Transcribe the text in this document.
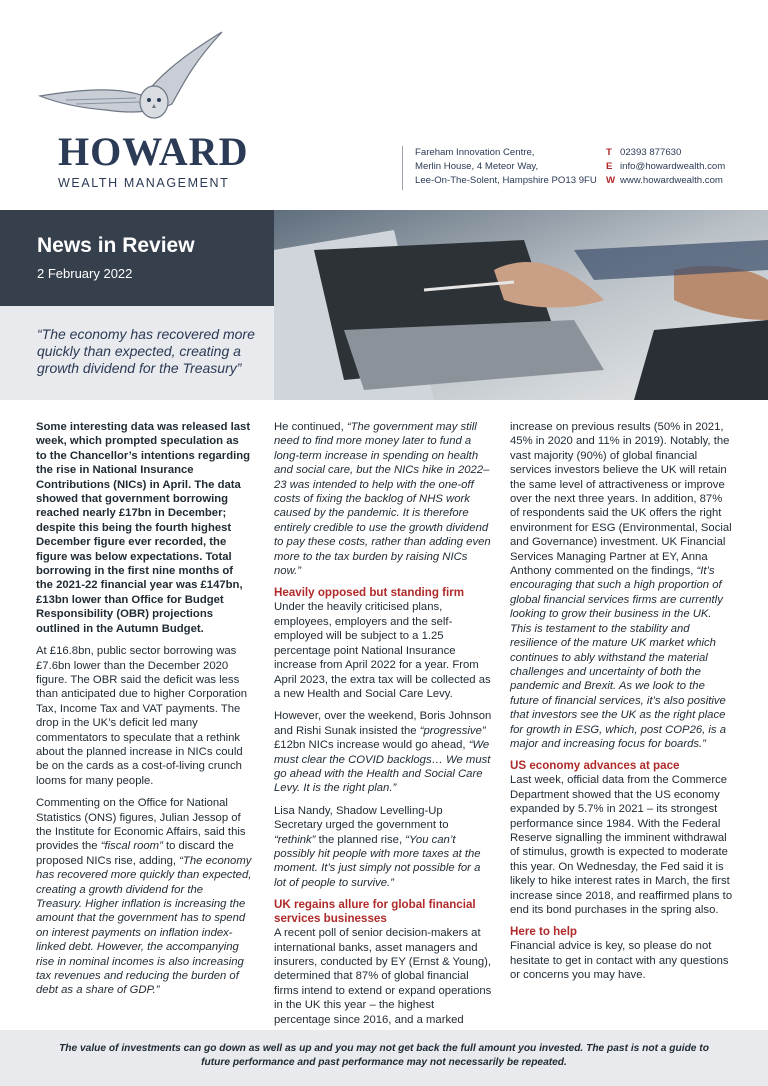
HOWARD
WEALTH MANAGEMENT
Fareham Innovation Centre,
Merlin House, 4 Meteor Way,
Lee-On-The-Solent, Hampshire PO13 9FU
T 02393 877630
E info@howardwealth.com
W www.howardwealth.com
News in Review
2 February 2022

“The economy has recovered more quickly than expected, creating a growth dividend for the Treasury”

Some interesting data was released last week, which prompted speculation as to the Chancellor’s intentions regarding the rise in National Insurance Contributions (NICs) in April. The data showed that government borrowing reached nearly £17bn in December; despite this being the fourth highest December figure ever recorded, the figure was below expectations. Total borrowing in the first nine months of the 2021-22 financial year was £147bn, £13bn lower than Office for Budget Responsibility (OBR) projections outlined in the Autumn Budget.

At £16.8bn, public sector borrowing was £7.6bn lower than the December 2020 figure. The OBR said the deficit was less than anticipated due to higher Corporation Tax, Income Tax and VAT payments. The drop in the UK’s deficit led many commentators to speculate that a rethink about the planned increase in NICs could be on the cards as a cost-of-living crunch looms for many people.

Commenting on the Office for National Statistics (ONS) figures, Julian Jessop of the Institute for Economic Affairs, said this provides the “fiscal room” to discard the proposed NICs rise, adding, “The economy has recovered more quickly than expected, creating a growth dividend for the Treasury. Higher inflation is increasing the amount that the government has to spend on interest payments on inflation index-linked debt. However, the accompanying rise in nominal incomes is also increasing tax revenues and reducing the burden of debt as a share of GDP.”

He continued, “The government may still need to find more money later to fund a long-term increase in spending on health and social care, but the NICs hike in 2022–23 was intended to help with the one-off costs of fixing the backlog of NHS work caused by the pandemic. It is therefore entirely credible to use the growth dividend to pay these costs, rather than adding even more to the tax burden by raising NICs now.”

Heavily opposed but standing firm

Under the heavily criticised plans, employees, employers and the self-employed will be subject to a 1.25 percentage point National Insurance increase from April 2022 for a year. From April 2023, the extra tax will be collected as a new Health and Social Care Levy.

However, over the weekend, Boris Johnson and Rishi Sunak insisted the “progressive” £12bn NICs increase would go ahead, “We must clear the COVID backlogs… We must go ahead with the Health and Social Care Levy. It is the right plan.”

Lisa Nandy, Shadow Levelling-Up Secretary urged the government to “rethink” the planned rise, “You can’t possibly hit people with more taxes at the moment. It’s just simply not possible for a lot of people to survive.”

UK regains allure for global financial services businesses

A recent poll of senior decision-makers at international banks, asset managers and insurers, conducted by EY (Ernst & Young), determined that 87% of global financial firms intend to extend or expand operations in the UK this year – the highest percentage since 2016, and a marked

increase on previous results (50% in 2021, 45% in 2020 and 11% in 2019). Notably, the vast majority (90%) of global financial services investors believe the UK will retain the same level of attractiveness or improve over the next three years. In addition, 87% of respondents said the UK offers the right environment for ESG (Environmental, Social and Governance) investment. UK Financial Services Managing Partner at EY, Anna Anthony commented on the findings, “It’s encouraging that such a high proportion of global financial services firms are currently looking to grow their business in the UK. This is testament to the stability and resilience of the mature UK market which continues to ably withstand the material challenges and uncertainty of both the pandemic and Brexit. As we look to the future of financial services, it’s also positive that investors see the UK as the right place for growth in ESG, which, post COP26, is a major and increasing focus for boards.”

US economy advances at pace

Last week, official data from the Commerce Department showed that the US economy expanded by 5.7% in 2021 – its strongest performance since 1984. With the Federal Reserve signalling the imminent withdrawal of stimulus, growth is expected to moderate this year. On Wednesday, the Fed said it is likely to hike interest rates in March, the first increase since 2018, and reaffirmed plans to end its bond purchases in the spring also.

Here to help

Financial advice is key, so please do not hesitate to get in contact with any questions or concerns you may have.

The value of investments can go down as well as up and you may not get back the full amount you invested. The past is not a guide to future performance and past performance may not necessarily be repeated.
